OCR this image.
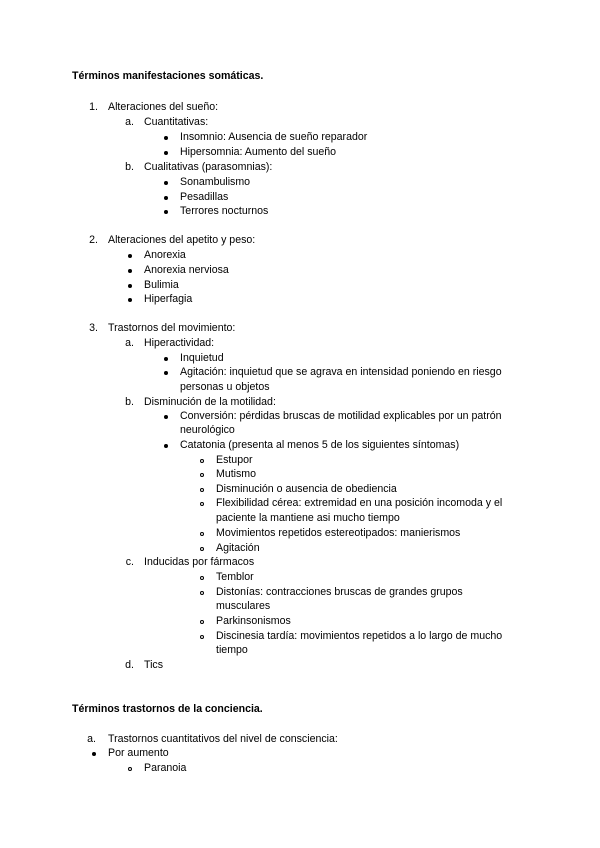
Términos manifestaciones somáticas.
1. Alteraciones del sueño:
a. Cuantitativas:
Insomnio: Ausencia de sueño reparador
Hipersomnia: Aumento del sueño
b. Cualitativas (parasomnias):
Sonambulismo
Pesadillas
Terrores nocturnos
2. Alteraciones del apetito y peso:
Anorexia
Anorexia nerviosa
Bulimia
Hiperfagia
3. Trastornos del movimiento:
a. Hiperactividad:
Inquietud
Agitación: inquietud que se agrava en intensidad poniendo en riesgo
personas u objetos
b. Disminución de la motilidad:
Conversión: pérdidas bruscas de motilidad explicables por un patrón
neurológico
Catatonia (presenta al menos 5 de los siguientes síntomas)
Estupor
Mutismo
Disminución o ausencia de obediencia
Flexibilidad cérea: extremidad en una posición incomoda y el
paciente la mantiene asi mucho tiempo
Movimientos repetidos estereotipados: manierismos
Agitación
c. Inducidas por fármacos
Temblor
Distonías: contracciones bruscas de grandes grupos
musculares
Parkinsonismos
Discinesia tardía: movimientos repetidos a lo largo de mucho
tiempo
d. Tics
Términos trastornos de la conciencia.
a. Trastornos cuantitativos del nivel de consciencia:
Por aumento
Paranoia
